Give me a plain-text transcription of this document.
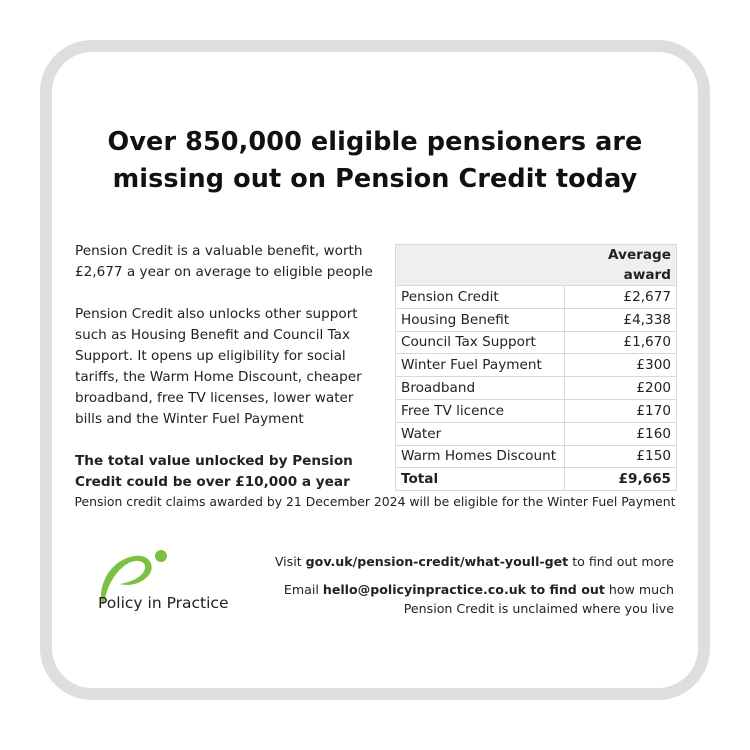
Over 850,000 eligible pensioners are
missing out on Pension Credit today

Pension Credit is a valuable benefit, worth £2,677 a year on average to eligible people

Pension Credit also unlocks other support such as Housing Benefit and Council Tax Support. It opens up eligibility for social tariffs, the Warm Home Discount, cheaper broadband, free TV licenses, lower water bills and the Winter Fuel Payment

The total value unlocked by Pension Credit could be over £10,000 a year

	Average award
Pension Credit	£2,677
Housing Benefit	£4,338
Council Tax Support	£1,670
Winter Fuel Payment	£300
Broadband	£200
Free TV licence	£170
Water	£160
Warm Homes Discount	£150
Total	£9,665
Pension credit claims awarded by 21 December 2024 will be eligible for the Winter Fuel Payment
Policy in Practice
Visit gov.uk/pension-credit/what-youll-get to find out more
Email hello@policyinpractice.co.uk to find out how much
Pension Credit is unclaimed where you live
